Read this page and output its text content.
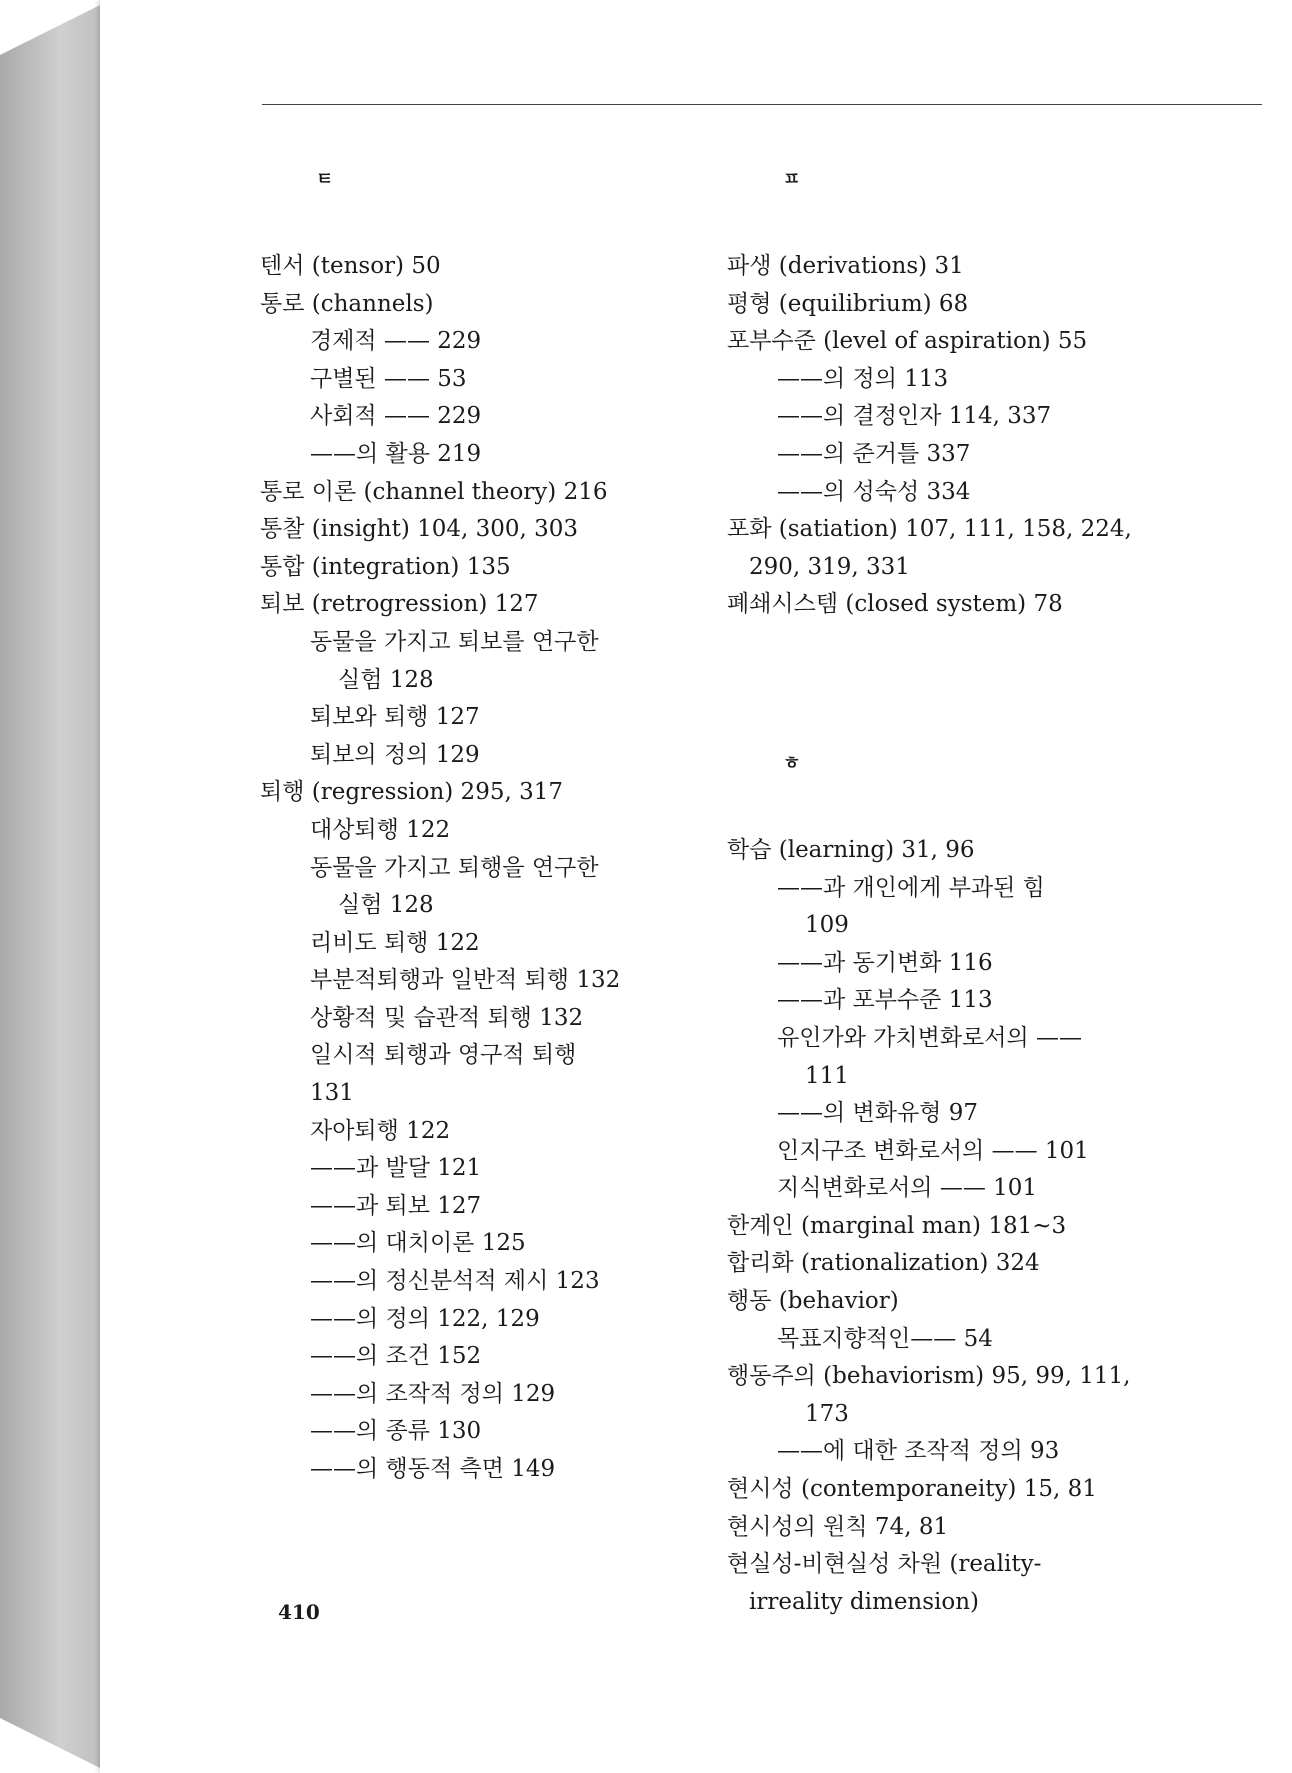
ㅌ
텐서 (tensor) 50
통로 (channels)
경제적 —— 229
구별된 —— 53
사회적 —— 229
——의 활용 219
통로 이론 (channel theory) 216
통찰 (insight) 104, 300, 303
통합 (integration) 135
퇴보 (retrogression) 127
동물을 가지고 퇴보를 연구한
실험 128
퇴보와 퇴행 127
퇴보의 정의 129
퇴행 (regression) 295, 317
대상퇴행 122
동물을 가지고 퇴행을 연구한
실험 128
리비도 퇴행 122
부분적퇴행과 일반적 퇴행 132
상황적 및 습관적 퇴행 132
일시적 퇴행과 영구적 퇴행
131
자아퇴행 122
——과 발달 121
——과 퇴보 127
——의 대치이론 125
——의 정신분석적 제시 123
——의 정의 122, 129
——의 조건 152
——의 조작적 정의 129
——의 종류 130
——의 행동적 측면 149
ㅍ
파생 (derivations) 31
평형 (equilibrium) 68
포부수준 (level of aspiration) 55
——의 정의 113
——의 결정인자 114, 337
——의 준거틀 337
——의 성숙성 334
포화 (satiation) 107, 111, 158, 224,
290, 319, 331
폐쇄시스템 (closed system) 78
ㅎ
학습 (learning) 31, 96
——과 개인에게 부과된 힘
109
——과 동기변화 116
——과 포부수준 113
유인가와 가치변화로서의 ——
111
——의 변화유형 97
인지구조 변화로서의 —— 101
지식변화로서의 —— 101
한계인 (marginal man) 181~3
합리화 (rationalization) 324
행동 (behavior)
목표지향적인—— 54
행동주의 (behaviorism) 95, 99, 111,
173
——에 대한 조작적 정의 93
현시성 (contemporaneity) 15, 81
현시성의 원칙 74, 81
현실성-비현실성 차원 (reality-
irreality dimension)
410
